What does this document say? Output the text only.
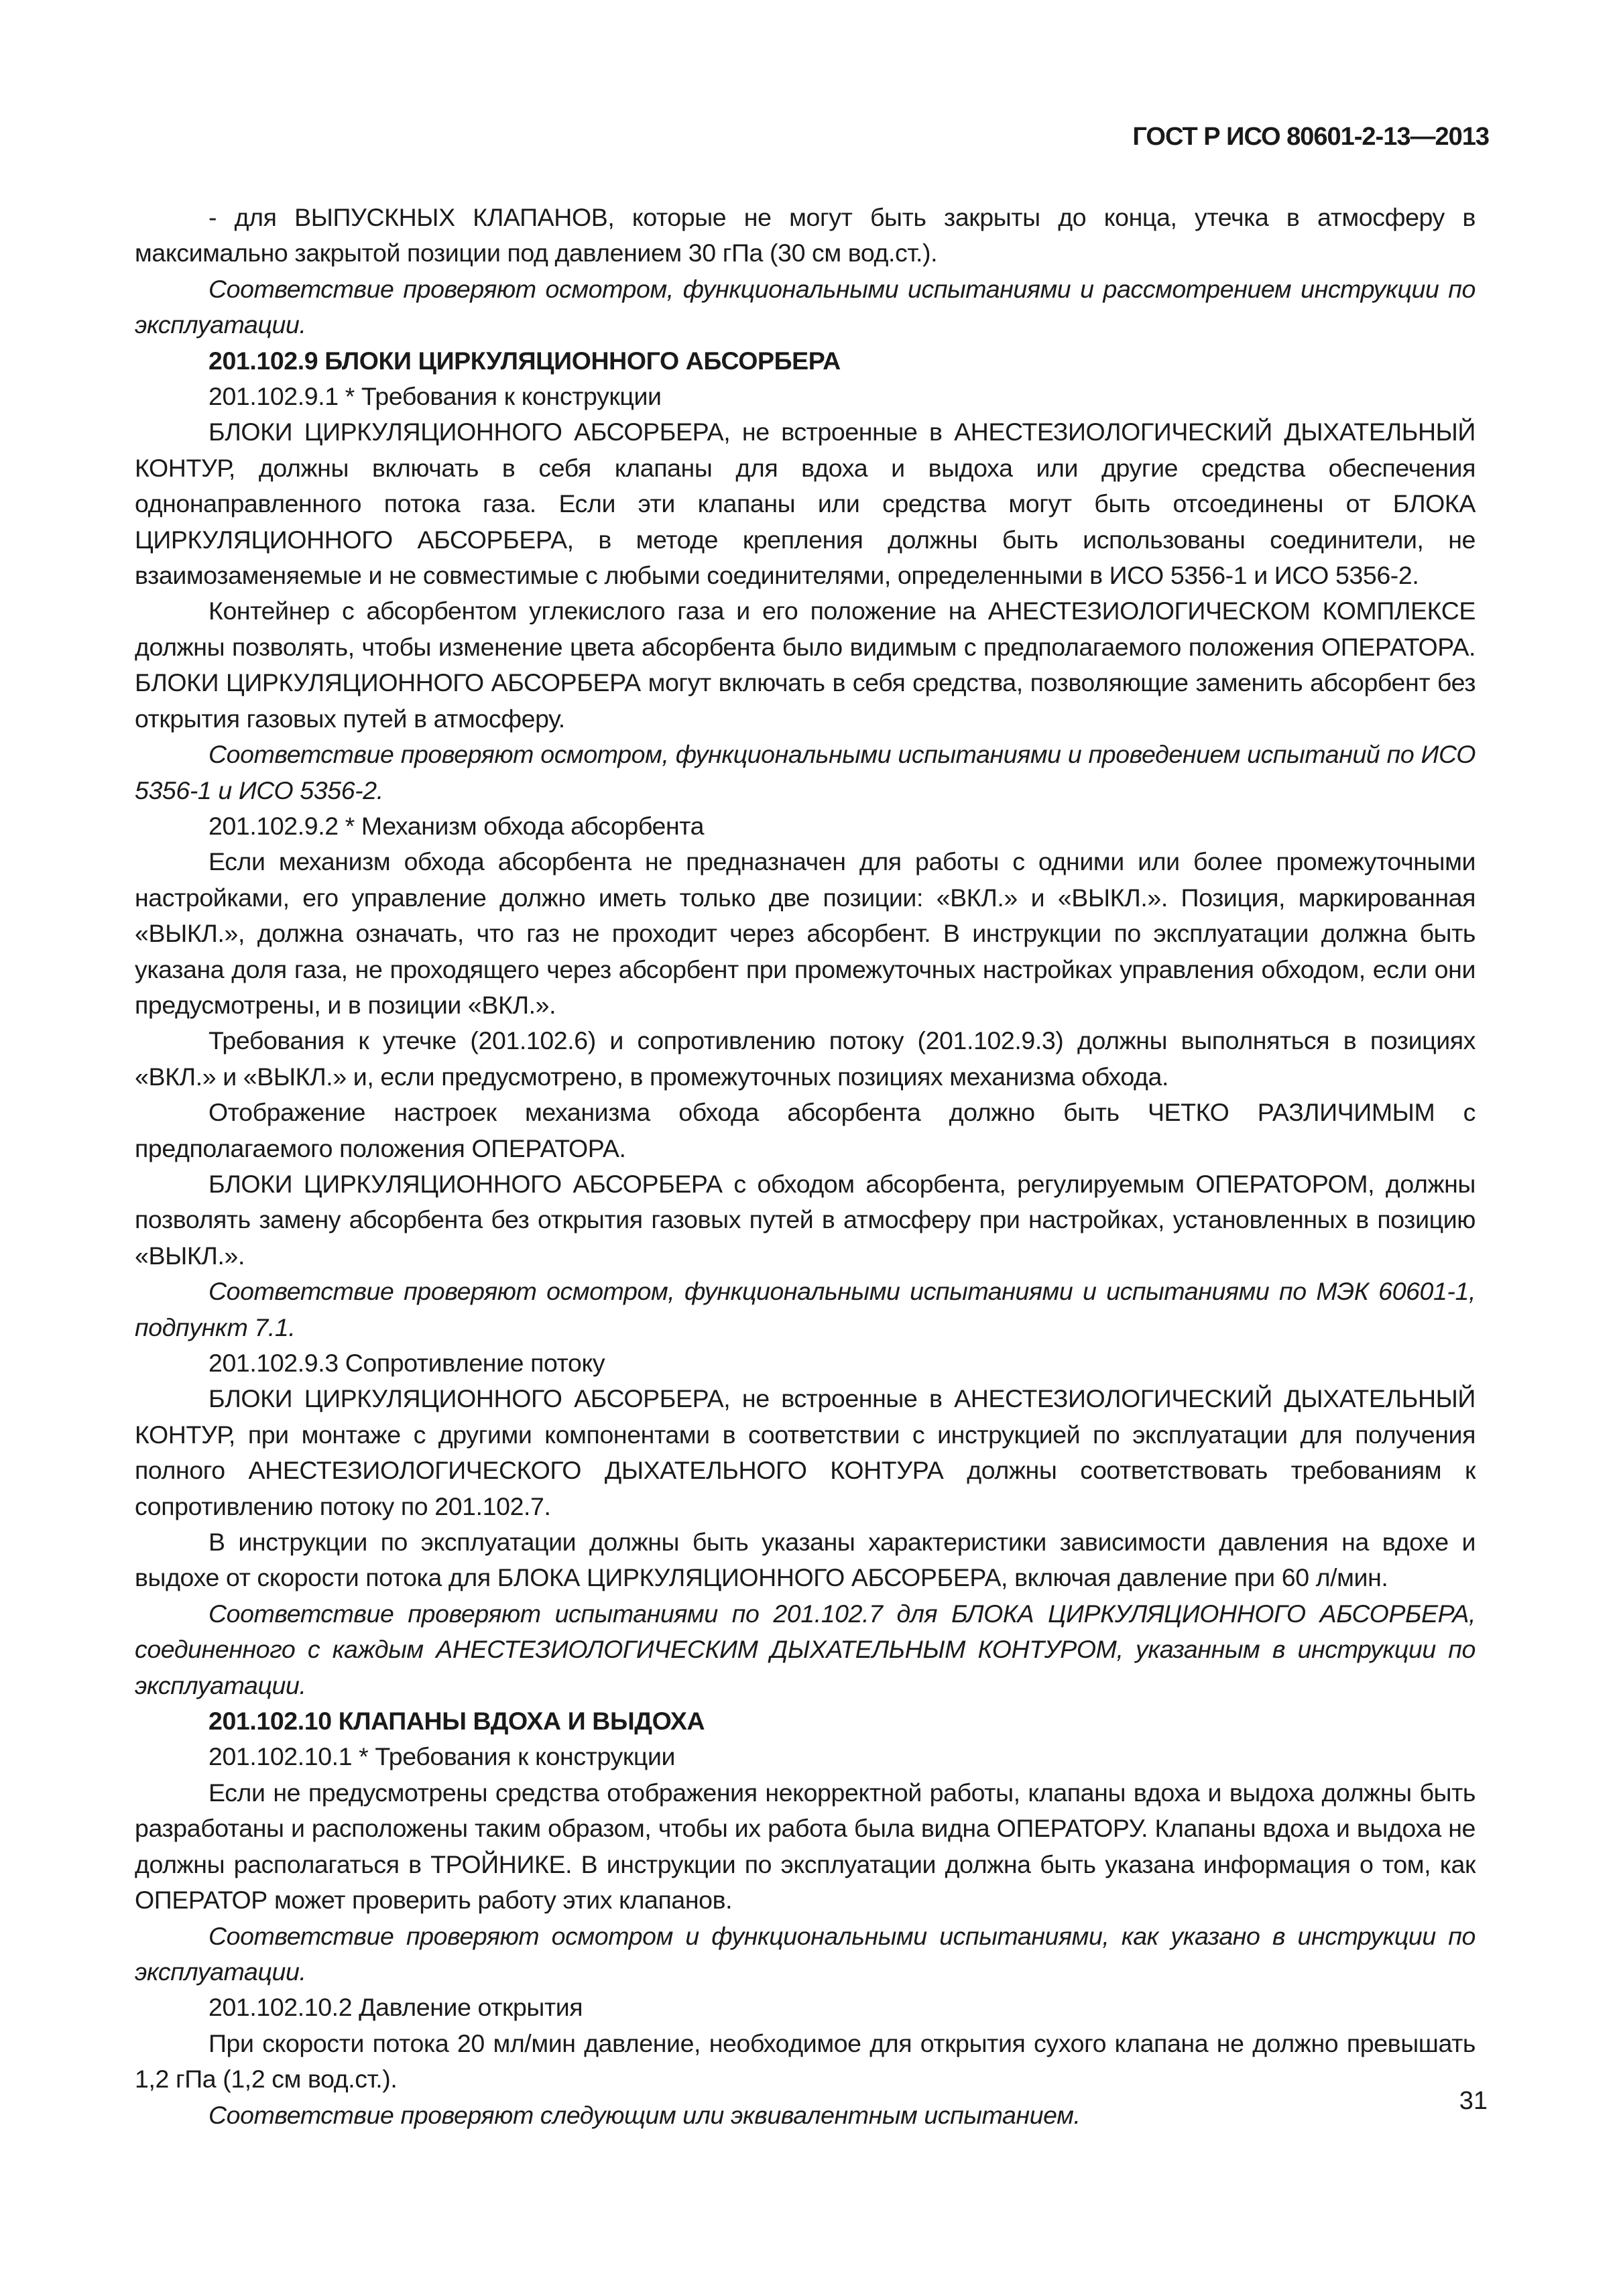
ГОСТ Р ИСО 80601-2-13—2013

- для ВЫПУСКНЫХ КЛАПАНОВ, которые не могут быть закрыты до конца, утечка в атмосферу в максимально закрытой позиции под давлением 30 гПа (30 см вод.ст.).

Соответствие проверяют осмотром, функциональными испытаниями и рассмотрением инструкции по эксплуатации.

201.102.9 БЛОКИ ЦИРКУЛЯЦИОННОГО АБСОРБЕРА

201.102.9.1 * Требования к конструкции

БЛОКИ ЦИРКУЛЯЦИОННОГО АБСОРБЕРА, не встроенные в АНЕСТЕЗИОЛОГИЧЕСКИЙ ДЫХАТЕЛЬНЫЙ КОНТУР, должны включать в себя клапаны для вдоха и выдоха или другие средства обеспечения однонаправленного потока газа. Если эти клапаны или средства могут быть отсоединены от БЛОКА ЦИРКУЛЯЦИОННОГО АБСОРБЕРА, в методе крепления должны быть использованы соединители, не взаимозаменяемые и не совместимые с любыми соединителями, определенными в ИСО 5356-1 и ИСО 5356-2.

Контейнер с абсорбентом углекислого газа и его положение на АНЕСТЕЗИОЛОГИЧЕСКОМ КОМПЛЕКСЕ должны позволять, чтобы изменение цвета абсорбента было видимым с предполагаемого положения ОПЕРАТОРА. БЛОКИ ЦИРКУЛЯЦИОННОГО АБСОРБЕРА могут включать в себя средства, позволяющие заменить абсорбент без открытия газовых путей в атмосферу.

Соответствие проверяют осмотром, функциональными испытаниями и проведением испытаний по ИСО 5356-1 и ИСО 5356-2.

201.102.9.2 * Механизм обхода абсорбента

Если механизм обхода абсорбента не предназначен для работы с одними или более промежуточными настройками, его управление должно иметь только две позиции: «ВКЛ.» и «ВЫКЛ.». Позиция, маркированная «ВЫКЛ.», должна означать, что газ не проходит через абсорбент. В инструкции по эксплуатации должна быть указана доля газа, не проходящего через абсорбент при промежуточных настройках управления обходом, если они предусмотрены, и в позиции «ВКЛ.».

Требования к утечке (201.102.6) и сопротивлению потоку (201.102.9.3) должны выполняться в позициях «ВКЛ.» и «ВЫКЛ.» и, если предусмотрено, в промежуточных позициях механизма обхода.

Отображение настроек механизма обхода абсорбента должно быть ЧЕТКО РАЗЛИЧИМЫМ с предполагаемого положения ОПЕРАТОРА.

БЛОКИ ЦИРКУЛЯЦИОННОГО АБСОРБЕРА с обходом абсорбента, регулируемым ОПЕРАТОРОМ, должны позволять замену абсорбента без открытия газовых путей в атмосферу при настройках, установленных в позицию «ВЫКЛ.».

Соответствие проверяют осмотром, функциональными испытаниями и испытаниями по МЭК 60601-1, подпункт 7.1.

201.102.9.3 Сопротивление потоку

БЛОКИ ЦИРКУЛЯЦИОННОГО АБСОРБЕРА, не встроенные в АНЕСТЕЗИОЛОГИЧЕСКИЙ ДЫХАТЕЛЬНЫЙ КОНТУР, при монтаже с другими компонентами в соответствии с инструкцией по эксплуатации для получения полного АНЕСТЕЗИОЛОГИЧЕСКОГО ДЫХАТЕЛЬНОГО КОНТУРА должны соответствовать требованиям к сопротивлению потоку по 201.102.7.

В инструкции по эксплуатации должны быть указаны характеристики зависимости давления на вдохе и выдохе от скорости потока для БЛОКА ЦИРКУЛЯЦИОННОГО АБСОРБЕРА, включая давление при 60 л/мин.

Соответствие проверяют испытаниями по 201.102.7 для БЛОКА ЦИРКУЛЯЦИОННОГО АБСОРБЕРА, соединенного с каждым АНЕСТЕЗИОЛОГИЧЕСКИМ ДЫХАТЕЛЬНЫМ КОНТУРОМ, указанным в инструкции по эксплуатации.

201.102.10 КЛАПАНЫ ВДОХА И ВЫДОХА

201.102.10.1 * Требования к конструкции

Если не предусмотрены средства отображения некорректной работы, клапаны вдоха и выдоха должны быть разработаны и расположены таким образом, чтобы их работа была видна ОПЕРАТОРУ. Клапаны вдоха и выдоха не должны располагаться в ТРОЙНИКЕ. В инструкции по эксплуатации должна быть указана информация о том, как ОПЕРАТОР может проверить работу этих клапанов.

Соответствие проверяют осмотром и функциональными испытаниями, как указано в инструкции по эксплуатации.

201.102.10.2 Давление открытия

При скорости потока 20 мл/мин давление, необходимое для открытия сухого клапана не должно превышать 1,2 гПа (1,2 см вод.ст.).

Соответствие проверяют следующим или эквивалентным испытанием.	31
